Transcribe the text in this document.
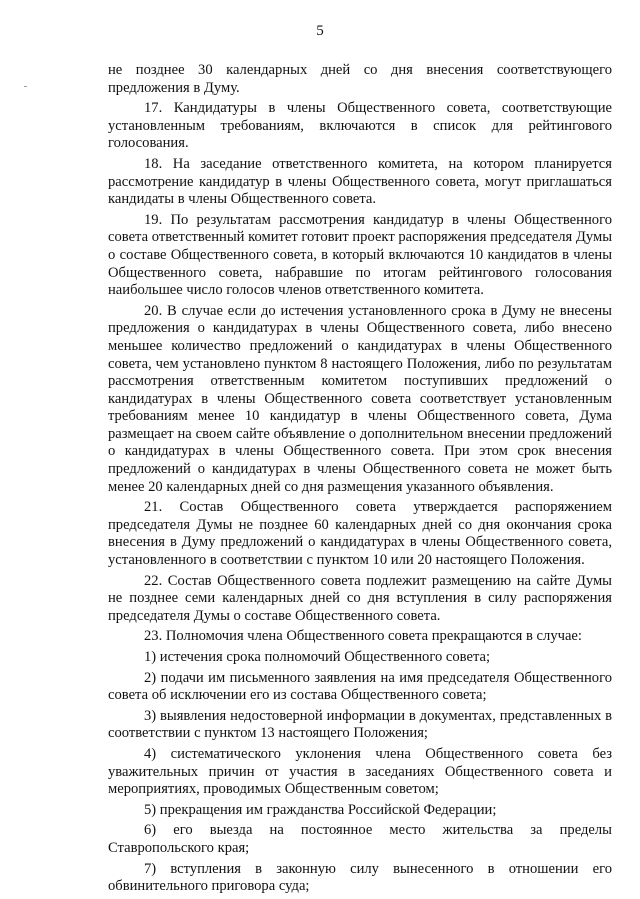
5

не позднее 30 календарных дней со дня внесения соответствующего предложения в Думу.

17. Кандидатуры в члены Общественного совета, соответствующие установленным требованиям, включаются в список для рейтингового голосования.

18. На заседание ответственного комитета, на котором планируется рассмотрение кандидатур в члены Общественного совета, могут приглашаться кандидаты в члены Общественного совета.

19. По результатам рассмотрения кандидатур в члены Общественного совета ответственный комитет готовит проект распоряжения председателя Думы о составе Общественного совета, в который включаются 10 кандидатов в члены Общественного совета, набравшие по итогам рейтингового голосования наибольшее число голосов членов ответственного комитета.

20. В случае если до истечения установленного срока в Думу не внесены предложения о кандидатурах в члены Общественного совета, либо внесено меньшее количество предложений о кандидатурах в члены Общественного совета, чем установлено пунктом 8 настоящего Положения, либо по результатам рассмотрения ответственным комитетом поступивших предложений о кандидатурах в члены Общественного совета соответствует установленным требованиям менее 10 кандидатур в члены Общественного совета, Дума размещает на своем сайте объявление о дополнительном внесении предложений о кандидатурах в члены Общественного совета. При этом срок внесения предложений о кандидатурах в члены Общественного совета не может быть менее 20 календарных дней со дня размещения указанного объявления.

21. Состав Общественного совета утверждается распоряжением председателя Думы не позднее 60 календарных дней со дня окончания срока внесения в Думу предложений о кандидатурах в члены Общественного совета, установленного в соответствии с пунктом 10 или 20 настоящего Положения.

22. Состав Общественного совета подлежит размещению на сайте Думы не позднее семи календарных дней со дня вступления в силу распоряжения председателя Думы о составе Общественного совета.

23. Полномочия члена Общественного совета прекращаются в случае:

1) истечения срока полномочий Общественного совета;

2) подачи им письменного заявления на имя председателя Общественного совета об исключении его из состава Общественного совета;

3) выявления недостоверной информации в документах, представленных в соответствии с пунктом 13 настоящего Положения;

4) систематического уклонения члена Общественного совета без уважительных причин от участия в заседаниях Общественного совета и мероприятиях, проводимых Общественным советом;

5) прекращения им гражданства Российской Федерации;

6) его выезда на постоянное место жительства за пределы Ставропольского края;

7) вступления в законную силу вынесенного в отношении его обвинительного приговора суда;
